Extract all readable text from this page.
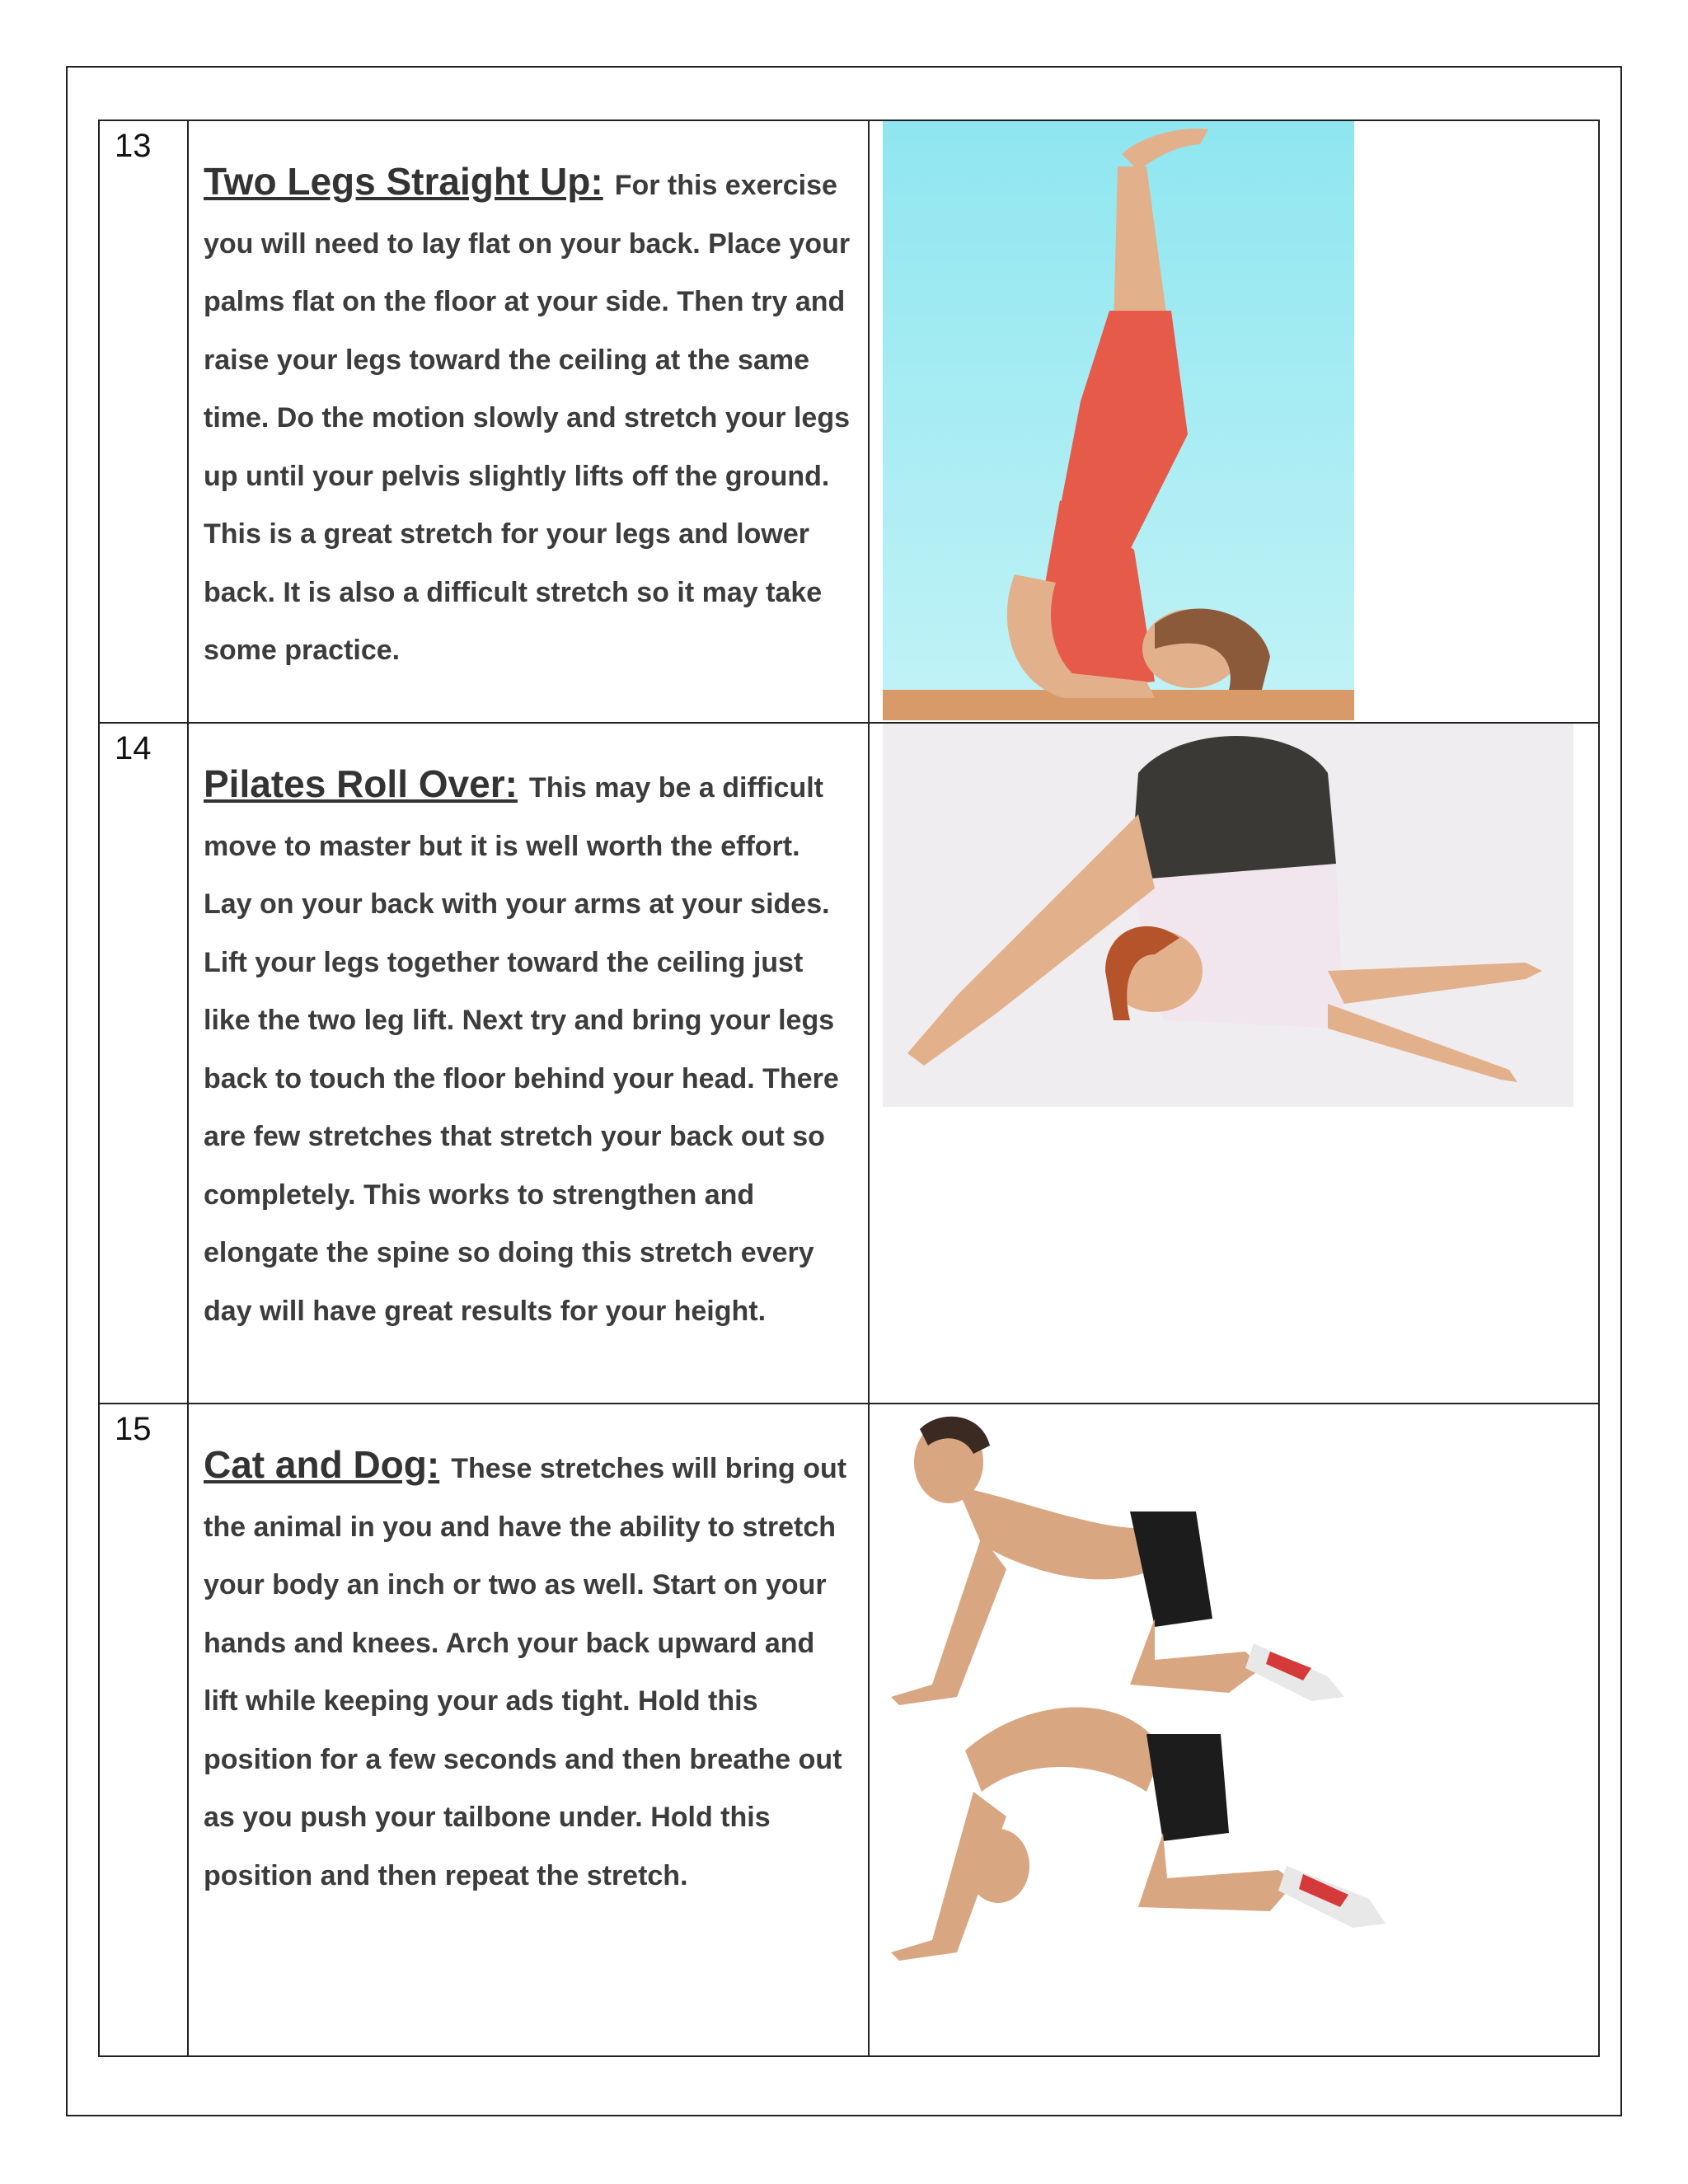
13	Two Legs Straight Up: For this exercise you will need to lay flat on your back. Place your palms flat on the floor at your side. Then try and raise your legs toward the ceiling at the same time. Do the motion slowly and stretch your legs up until your pelvis slightly lifts off the ground. This is a great stretch for your legs and lower back. It is also a difficult stretch so it may take some practice.

14	Pilates Roll Over: This may be a difficult move to master but it is well worth the effort. Lay on your back with your arms at your sides. Lift your legs together toward the ceiling just like the two leg lift. Next try and bring your legs back to touch the floor behind your head. There are few stretches that stretch your back out so completely. This works to strengthen and elongate the spine so doing this stretch every day will have great results for your height.

15	Cat and Dog: These stretches will bring out the animal in you and have the ability to stretch your body an inch or two as well. Start on your hands and knees. Arch your back upward and lift while keeping your ads tight. Hold this position for a few seconds and then breathe out as you push your tailbone under. Hold this position and then repeat the stretch.
